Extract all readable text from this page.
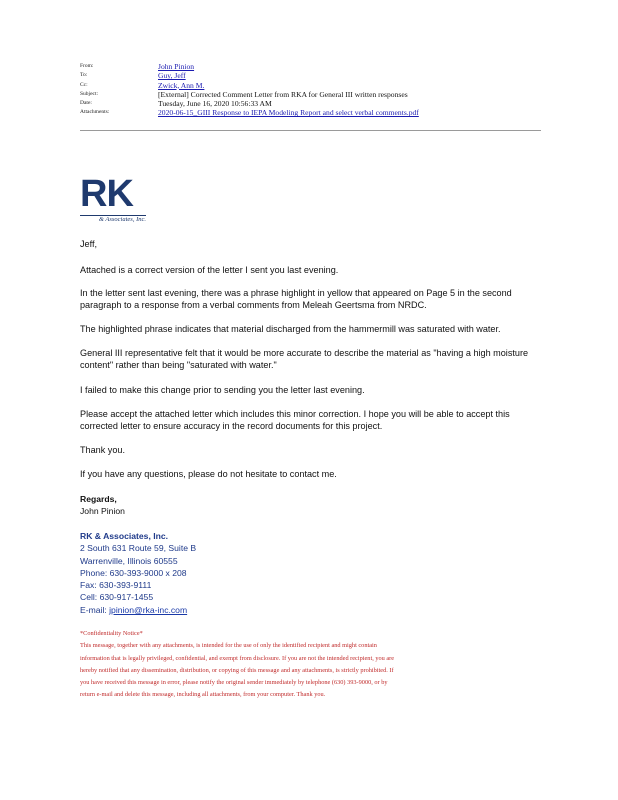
From:	John Pinion
To:	Guy, Jeff
Cc:	Zwick, Ann M.
Subject:	[External] Corrected Comment Letter from RKA for General III written responses
Date:	Tuesday, June 16, 2020 10:56:33 AM
Attachments:	2020-06-15_GIII Response to IEPA Modeling Report and select verbal comments.pdf
RK
& Associates, Inc.
Jeff,
Attached is a correct version of the letter I sent you last evening.
In the letter sent last evening, there was a phrase highlight in yellow that appeared on Page 5 in the second paragraph to a response from a verbal comments from Meleah Geertsma from NRDC.
The highlighted phrase indicates that material discharged from the hammermill was saturated with water.
General III representative felt that it would be more accurate to describe the material as "having a high moisture content" rather than being "saturated with water."
I failed to make this change prior to sending you the letter last evening.
Please accept the attached letter which includes this minor correction. I hope you will be able to accept this corrected letter to ensure accuracy in the record documents for this project.
Thank you.
If you have any questions, please do not hesitate to contact me.
Regards,
John Pinion
RK & Associates, Inc.
2 South 631 Route 59, Suite B
Warrenville, Illinois 60555
Phone: 630-393-9000 x 208
Fax: 630-393-9111
Cell: 630-917-1455
E-mail: jpinion@rka-inc.com
*Confidentiality Notice*
This message, together with any attachments, is intended for the use of only the identified recipient and might contain
information that is legally privileged, confidential, and exempt from disclosure. If you are not the intended recipient, you are
hereby notified that any dissemination, distribution, or copying of this message and any attachments, is strictly prohibited. If
you have received this message in error, please notify the original sender immediately by telephone (630) 393-9000, or by
return e-mail and delete this message, including all attachments, from your computer. Thank you.
